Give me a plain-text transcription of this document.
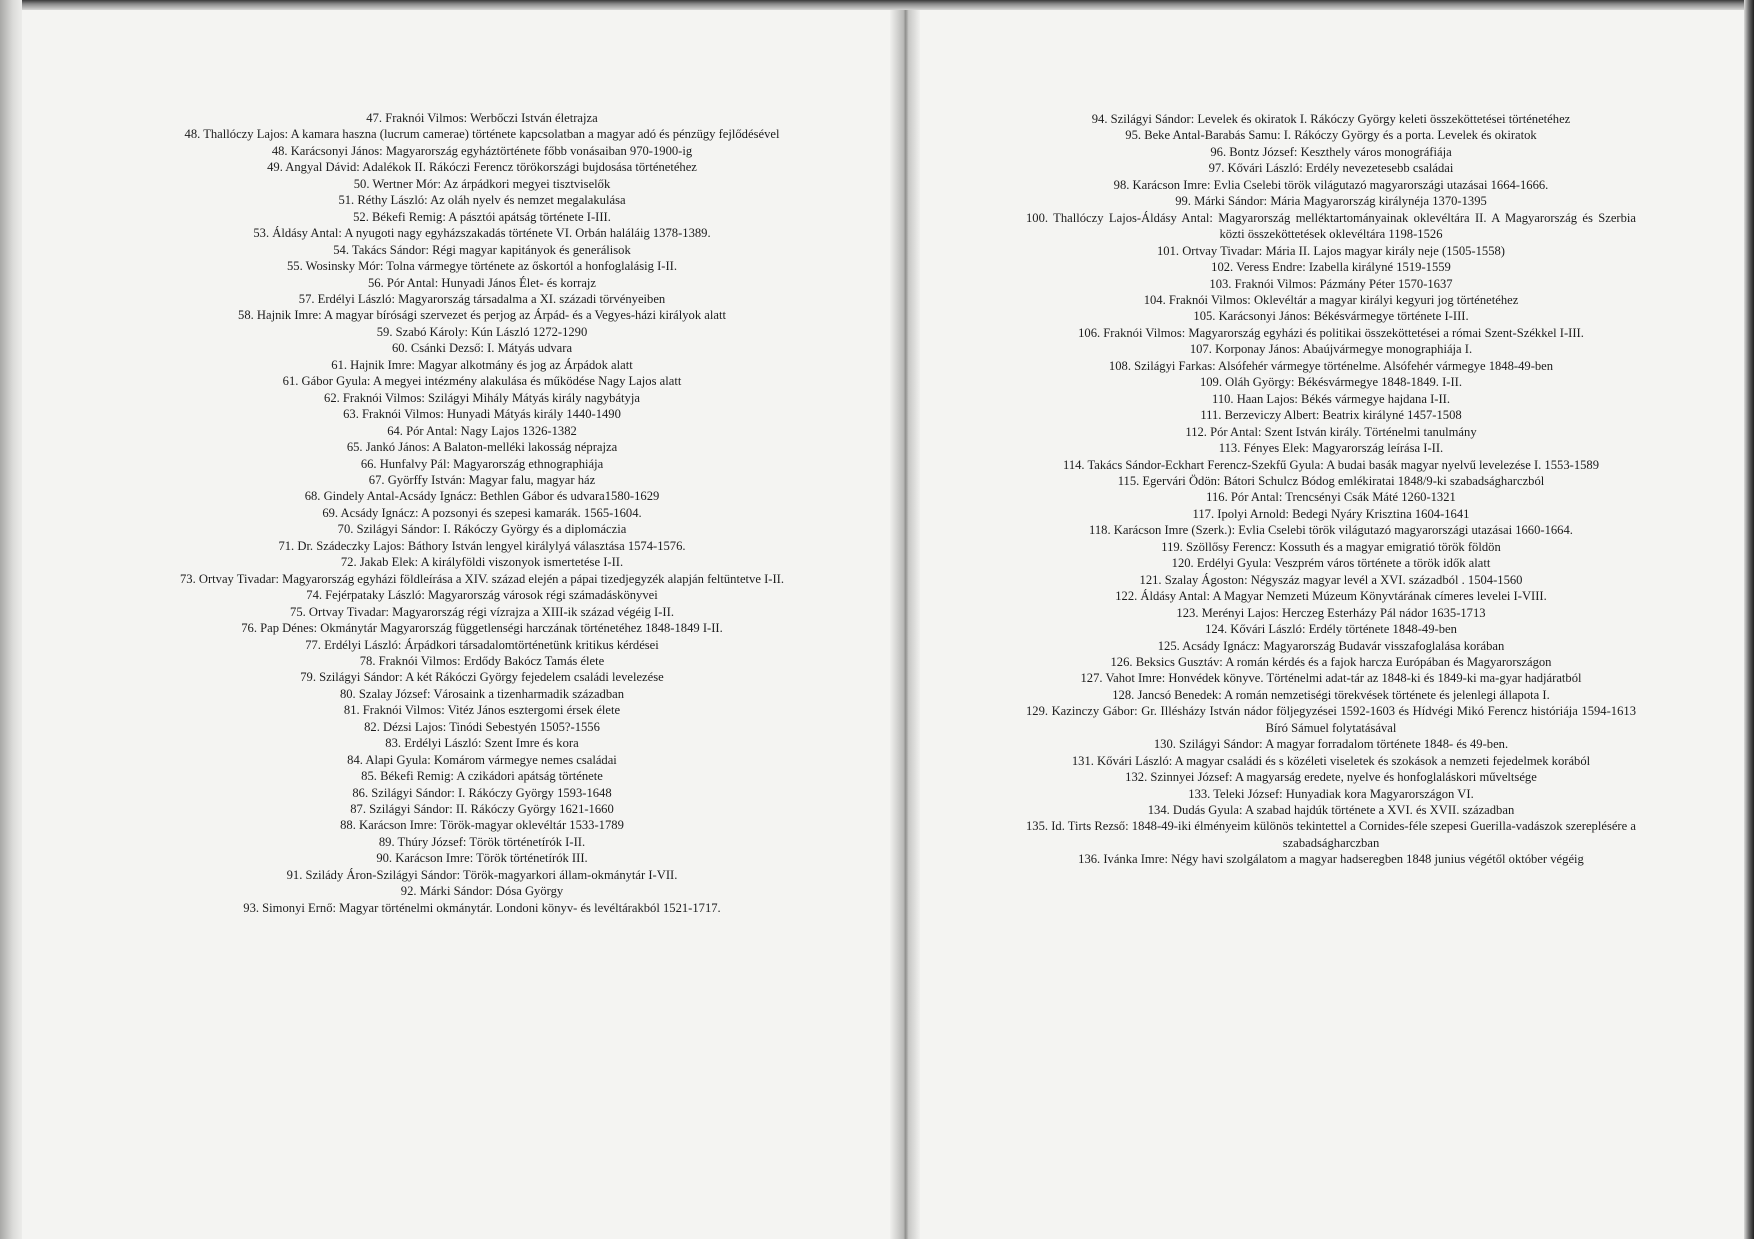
47. Fraknói Vilmos: Werbőczi István életrajza
48. Thallóczy Lajos: A kamara haszna (lucrum camerae) története kapcsolatban a magyar adó és pénzügy fejlődésével
48. Karácsonyi János: Magyarország egyháztörténete főbb vonásaiban 970-1900-ig
49. Angyal Dávid: Adalékok II. Rákóczi Ferencz törökországi bujdosása történetéhez
50. Wertner Mór: Az árpádkori megyei tisztviselők
51. Réthy László: Az oláh nyelv és nemzet megalakulása
52. Békefi Remig: A pásztói apátság története I-III.
53. Áldásy Antal: A nyugoti nagy egyházszakadás története VI. Orbán haláláig 1378-1389.
54. Takács Sándor: Régi magyar kapitányok és generálisok
55. Wosinsky Mór: Tolna vármegye története az őskortól a honfoglalásig I-II.
56. Pór Antal: Hunyadi János Élet- és korrajz
57. Erdélyi László: Magyarország társadalma a XI. századi törvényeiben
58. Hajnik Imre: A magyar bírósági szervezet és perjog az Árpád- és a Vegyes-házi királyok alatt
59. Szabó Károly: Kún László 1272-1290
60. Csánki Dezső: I. Mátyás udvara
61. Hajnik Imre: Magyar alkotmány és jog az Árpádok alatt
61. Gábor Gyula: A megyei intézmény alakulása és működése Nagy Lajos alatt
62. Fraknói Vilmos: Szilágyi Mihály Mátyás király nagybátyja
63. Fraknói Vilmos: Hunyadi Mátyás király 1440-1490
64. Pór Antal: Nagy Lajos 1326-1382
65. Jankó János: A Balaton-melléki lakosság néprajza
66. Hunfalvy Pál: Magyarország ethnographiája
67. Györffy István: Magyar falu, magyar ház
68. Gindely Antal-Acsády Ignácz: Bethlen Gábor és udvara1580-1629
69. Acsády Ignácz: A pozsonyi és szepesi kamarák. 1565-1604.
70. Szilágyi Sándor: I. Rákóczy György és a diplomáczia
71. Dr. Szádeczky Lajos: Báthory István lengyel királylyá választása 1574-1576.
72. Jakab Elek: A királyföldi viszonyok ismertetése I-II.
73. Ortvay Tivadar: Magyarország egyházi földleírása a XIV. század elején a pápai tizedjegyzék alapján feltüntetve I-II.
74. Fejérpataky László: Magyarország városok régi számadáskönyvei
75. Ortvay Tivadar: Magyarország régi vízrajza a XIII-ik század végéig I-II.
76. Pap Dénes: Okmánytár Magyarország függetlenségi harczának történetéhez 1848-1849 I-II.
77. Erdélyi László: Árpádkori társadalomtörténetünk kritikus kérdései
78. Fraknói Vilmos: Erdődy Bakócz Tamás élete
79. Szilágyi Sándor: A két Rákóczi György fejedelem családi levelezése
80. Szalay József: Városaink a tizenharmadik században
81. Fraknói Vilmos: Vitéz János esztergomi érsek élete
82. Dézsi Lajos: Tinódi Sebestyén 1505?-1556
83. Erdélyi László: Szent Imre és kora
84. Alapi Gyula: Komárom vármegye nemes családai
85. Békefi Remig: A czikádori apátság története
86. Szilágyi Sándor: I. Rákóczy György 1593-1648
87. Szilágyi Sándor: II. Rákóczy György 1621-1660
88. Karácson Imre: Török-magyar oklevéltár 1533-1789
89. Thúry József: Török történetírók I-II.
90. Karácson Imre: Török történetírók III.
91. Szilády Áron-Szilágyi Sándor: Török-magyarkori állam-okmánytár I-VII.
92. Márki Sándor: Dósa György
93. Simonyi Ernő: Magyar történelmi okmánytár. Londoni könyv- és levéltárakból 1521-1717.
94. Szilágyi Sándor: Levelek és okiratok I. Rákóczy György keleti összeköttetései történetéhez
95. Beke Antal-Barabás Samu: I. Rákóczy György és a porta. Levelek és okiratok
96. Bontz József: Keszthely város monográfiája
97. Kővári László: Erdély nevezetesebb családai
98. Karácson Imre: Evlia Cselebi török világutazó magyarországi utazásai 1664-1666.
99. Márki Sándor: Mária Magyarország királynéja 1370-1395
100. Thallóczy Lajos-Áldásy Antal: Magyarország melléktartományainak oklevéltára II. A Magyarország és Szerbia közti összeköttetések oklevéltára 1198-1526
101. Ortvay Tivadar: Mária II. Lajos magyar király neje (1505-1558)
102. Veress Endre: Izabella királyné 1519-1559
103. Fraknói Vilmos: Pázmány Péter 1570-1637
104. Fraknói Vilmos: Oklevéltár a magyar királyi kegyuri jog történetéhez
105. Karácsonyi János: Békésvármegye története I-III.
106. Fraknói Vilmos: Magyarország egyházi és politikai összeköttetései a római Szent-Székkel I-III.
107. Korponay János: Abaújvármegye monographiája I.
108. Szilágyi Farkas: Alsófehér vármegye történelme. Alsófehér vármegye 1848-49-ben
109. Oláh György: Békésvármegye 1848-1849. I-II.
110. Haan Lajos: Békés vármegye hajdana I-II.
111. Berzeviczy Albert: Beatrix királyné 1457-1508
112. Pór Antal: Szent István király. Történelmi tanulmány
113. Fényes Elek: Magyarország leírása I-II.
114. Takács Sándor-Eckhart Ferencz-Szekfű Gyula: A budai basák magyar nyelvű levelezése I. 1553-1589
115. Egervári Ödön: Bátori Schulcz Bódog emlékiratai 1848/9-ki szabadságharczból
116. Pór Antal: Trencsényi Csák Máté 1260-1321
117. Ipolyi Arnold: Bedegi Nyáry Krisztina 1604-1641
118. Karácson Imre (Szerk.): Evlia Cselebi török világutazó magyarországi utazásai 1660-1664.
119. Szöllősy Ferencz: Kossuth és a magyar emigratió török földön
120. Erdélyi Gyula: Veszprém város története a török idők alatt
121. Szalay Ágoston: Négyszáz magyar levél a XVI. századból . 1504-1560
122. Áldásy Antal: A Magyar Nemzeti Múzeum Könyvtárának címeres levelei I-VIII.
123. Merényi Lajos: Herczeg Esterházy Pál nádor 1635-1713
124. Kővári László: Erdély története 1848-49-ben
125. Acsády Ignácz: Magyarország Budavár visszafoglalása korában
126. Beksics Gusztáv: A román kérdés és a fajok harcza Európában és Magyarországon
127. Vahot Imre: Honvédek könyve. Történelmi adat-tár az 1848-ki és 1849-ki ma-gyar hadjáratból
128. Jancsó Benedek: A román nemzetiségi törekvések története és jelenlegi állapota I.
129. Kazinczy Gábor: Gr. Illésházy István nádor följegyzései 1592-1603 és Hídvégi Mikó Ferencz históriája 1594-1613 Bíró Sámuel folytatásával
130. Szilágyi Sándor: A magyar forradalom története 1848- és 49-ben.
131. Kővári László: A magyar családi és s közéleti viseletek és szokások a nemzeti fejedelmek korából
132. Szinnyei József: A magyarság eredete, nyelve és honfoglaláskori műveltsége
133. Teleki József: Hunyadiak kora Magyarországon VI.
134. Dudás Gyula: A szabad hajdúk története a XVI. és XVII. században
135. Id. Tirts Rezső: 1848-49-iki élményeim különös tekintettel a Cornides-féle szepesi Guerilla-vadászok szereplésére a szabadságharczban
136. Ivánka Imre: Négy havi szolgálatom a magyar hadseregben 1848 junius végétől október végéig
